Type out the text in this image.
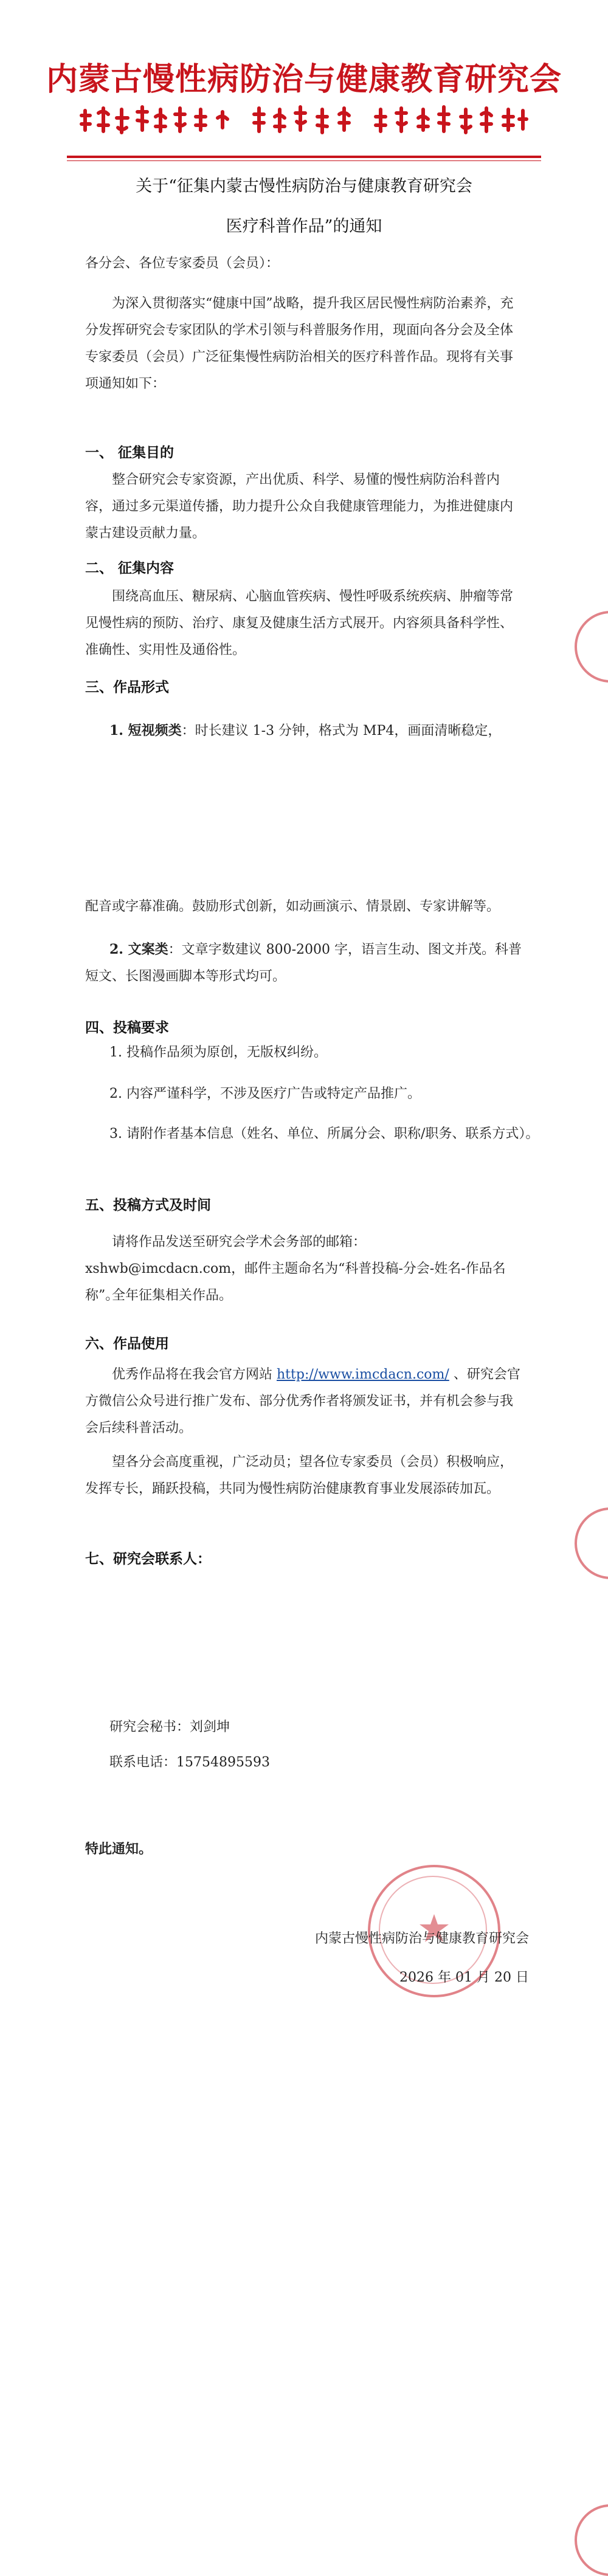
内蒙古慢性病防治与健康教育研究会
关于“征集内蒙古慢性病防治与健康教育研究会
医疗科普作品”的通知
各分会、各位专家委员（会员）：
为深入贯彻落实“健康中国”战略，提升我区居民慢性病防治素养，充分发挥研究会专家团队的学术引领与科普服务作用，现面向各分会及全体专家委员（会员）广泛征集慢性病防治相关的医疗科普作品。现将有关事项通知如下：
一、 征集目的
整合研究会专家资源，产出优质、科学、易懂的慢性病防治科普内容，通过多元渠道传播，助力提升公众自我健康管理能力，为推进健康内蒙古建设贡献力量。
二、 征集内容
围绕高血压、糖尿病、心脑血管疾病、慢性呼吸系统疾病、肿瘤等常见慢性病的预防、治疗、康复及健康生活方式展开。内容须具备科学性、准确性、实用性及通俗性。
三、作品形式
1. 短视频类：时长建议 1-3 分钟，格式为 MP4，画面清晰稳定，
配音或字幕准确。鼓励形式创新，如动画演示、情景剧、专家讲解等。
2. 文案类：文章字数建议 800-2000 字，语言生动、图文并茂。科普短文、长图漫画脚本等形式均可。
四、投稿要求
1. 投稿作品须为原创，无版权纠纷。
2. 内容严谨科学，不涉及医疗广告或特定产品推广。
3. 请附作者基本信息（姓名、单位、所属分会、职称/职务、联系方式）。
五、投稿方式及时间
请将作品发送至研究会学术会务部的邮箱：xshwb@imcdacn.com，邮件主题命名为“科普投稿-分会-姓名-作品名称”。
全年征集相关作品。
六、作品使用
优秀作品将在我会官方网站 http://www.imcdacn.com/ 、研究会官方微信公众号进行推广发布、部分优秀作者将颁发证书，并有机会参与我会后续科普活动。
望各分会高度重视，广泛动员；望各位专家委员（会员）积极响应，发挥专长，踊跃投稿，共同为慢性病防治健康教育事业发展添砖加瓦。
七、研究会联系人：
研究会秘书：刘剑坤
联系电话：15754895593
特此通知。
内蒙古慢性病防治与健康教育研究会
2026 年 01 月 20 日
